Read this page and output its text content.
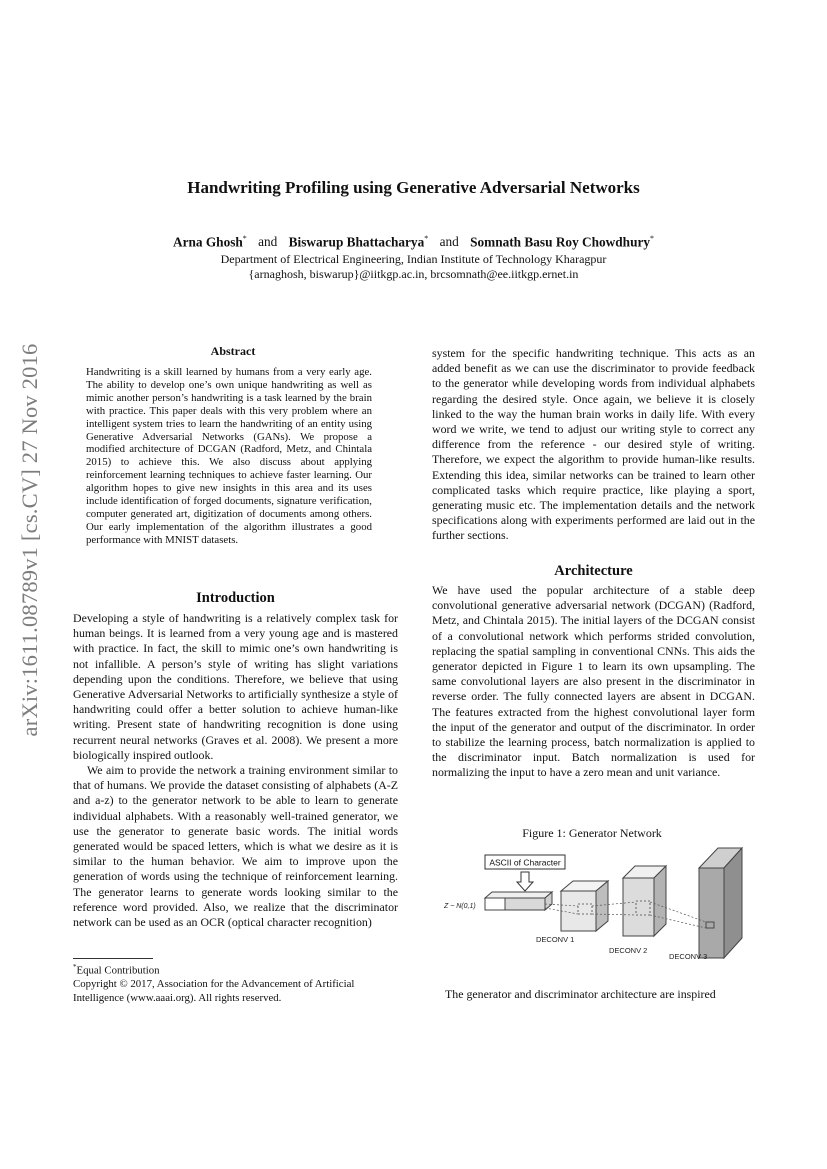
arXiv:1611.08789v1 [cs.CV] 27 Nov 2016
Handwriting Profiling using Generative Adversarial Networks
Arna Ghosh* and Biswarup Bhattacharya* and Somnath Basu Roy Chowdhury*
Department of Electrical Engineering, Indian Institute of Technology Kharagpur
{arnaghosh, biswarup}@iitkgp.ac.in, brcsomnath@ee.iitkgp.ernet.in
Abstract
Handwriting is a skill learned by humans from a very early age. The ability to develop one’s own unique handwriting as well as mimic another person’s handwriting is a task learned by the brain with practice. This paper deals with this very problem where an intelligent system tries to learn the handwriting of an entity using Generative Adversarial Networks (GANs). We propose a modified architecture of DCGAN (Radford, Metz, and Chintala 2015) to achieve this. We also discuss about applying reinforcement learning techniques to achieve faster learning. Our algorithm hopes to give new insights in this area and its uses include identification of forged documents, signature verification, computer generated art, digitization of documents among others. Our early implementation of the algorithm illustrates a good performance with MNIST datasets.
Introduction

Developing a style of handwriting is a relatively complex task for human beings. It is learned from a very young age and is mastered with practice. In fact, the skill to mimic one’s own handwriting is not infallible. A person’s style of writing has slight variations depending upon the conditions. Therefore, we believe that using Generative Adversarial Networks to artificially synthesize a style of handwriting could offer a better solution to achieve human-like writing. Present state of handwriting recognition is done using recurrent neural networks (Graves et al. 2008). We present a more biologically inspired outlook.

We aim to provide the network a training environment similar to that of humans. We provide the dataset consisting of alphabets (A-Z and a-z) to the generator network to be able to learn to generate individual alphabets. With a reasonably well-trained generator, we use the generator to generate basic words. The initial words generated would be spaced letters, which is what we desire as it is similar to the human behavior. We aim to improve upon the generation of words using the technique of reinforcement learning. The generator learns to generate words looking similar to the reference word provided. Also, we realize that the discriminator network can be used as an OCR (optical character recognition)

*Equal Contribution

Copyright © 2017, Association for the Advancement of Artificial Intelligence (www.aaai.org). All rights reserved.

system for the specific handwriting technique. This acts as an added benefit as we can use the discriminator to provide feedback to the generator while developing words from individual alphabets regarding the desired style. Once again, we believe it is closely linked to the way the human brain works in daily life. With every word we write, we tend to adjust our writing style to correct any difference from the reference - our desired style of writing. Therefore, we expect the algorithm to provide human-like results. Extending this idea, similar networks can be trained to learn other complicated tasks which require practice, like playing a sport, generating music etc. The implementation details and the network specifications along with experiments performed are laid out in the further sections.

Architecture

We have used the popular architecture of a stable deep convolutional generative adversarial network (DCGAN) (Radford, Metz, and Chintala 2015). The initial layers of the DCGAN consist of a convolutional network which performs strided convolution, replacing the spatial sampling in conventional CNNs. This aids the generator depicted in Figure 1 to learn its own upsampling. The same convolutional layers are also present in the discriminator in reverse order. The fully connected layers are absent in DCGAN. The features extracted from the highest convolutional layer form the input of the generator and output of the discriminator. In order to stabilize the learning process, batch normalization is applied to the discriminator input. Batch normalization is used for normalizing the input to have a zero mean and unit variance.

Figure 1: Generator Network
ASCII of Character
Z ~ N(0,1)
DECONV 1
DECONV 2
DECONV 3

The generator and discriminator architecture are inspired
